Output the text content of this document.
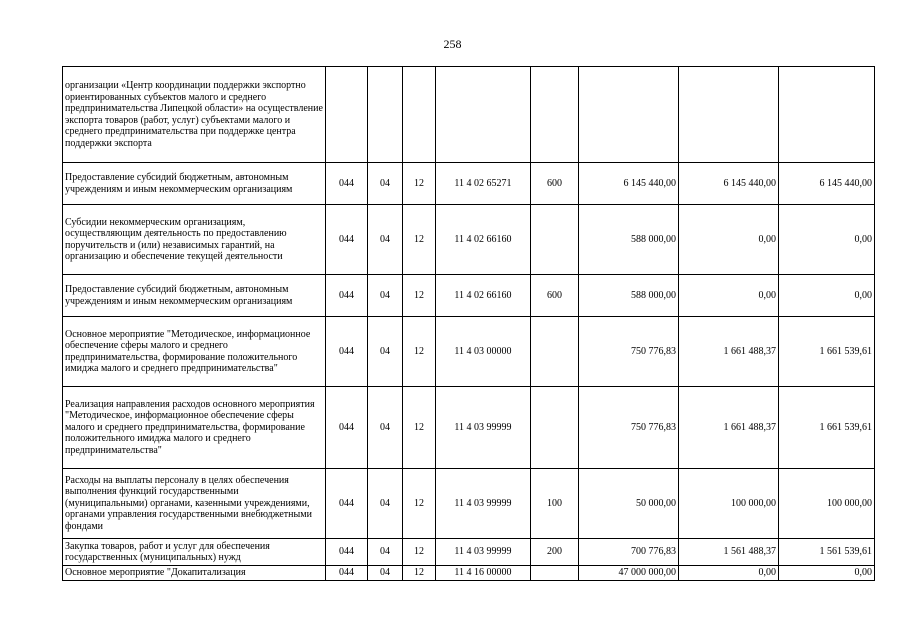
258
организации «Центр координации поддержки экспортно ориентированных субъектов малого и среднего предпринимательства Липецкой области» на осуществление экспорта товаров (работ, услуг) субъектами малого и среднего предпринимательства при поддержке центра поддержки экспорта								
Предоставление субсидий бюджетным, автономным учреждениям и иным некоммерческим организациям	044	04	12	11 4 02 65271	600	6 145 440,00	6 145 440,00	6 145 440,00
Субсидии некоммерческим организациям, осуществляющим деятельность по предоставлению поручительств и (или) независимых гарантий, на организацию и обеспечение текущей деятельности	044	04	12	11 4 02 66160		588 000,00	0,00	0,00
Предоставление субсидий бюджетным, автономным учреждениям и иным некоммерческим организациям	044	04	12	11 4 02 66160	600	588 000,00	0,00	0,00
Основное мероприятие "Методическое, информационное обеспечение сферы малого и среднего предпринимательства, формирование положительного имиджа малого и среднего предпринимательства"	044	04	12	11 4 03 00000		750 776,83	1 661 488,37	1 661 539,61
Реализация направления расходов основного мероприятия "Методическое, информационное обеспечение сферы малого и среднего предпринимательства, формирование положительного имиджа малого и среднего предпринимательства"	044	04	12	11 4 03 99999		750 776,83	1 661 488,37	1 661 539,61
Расходы на выплаты персоналу в целях обеспечения выполнения функций государственными (муниципальными) органами, казенными учреждениями, органами управления государственными внебюджетными фондами	044	04	12	11 4 03 99999	100	50 000,00	100 000,00	100 000,00
Закупка товаров, работ и услуг для обеспечения государственных (муниципальных) нужд	044	04	12	11 4 03 99999	200	700 776,83	1 561 488,37	1 561 539,61
Основное мероприятие "Докапитализация	044	04	12	11 4 16 00000		47 000 000,00	0,00	0,00
